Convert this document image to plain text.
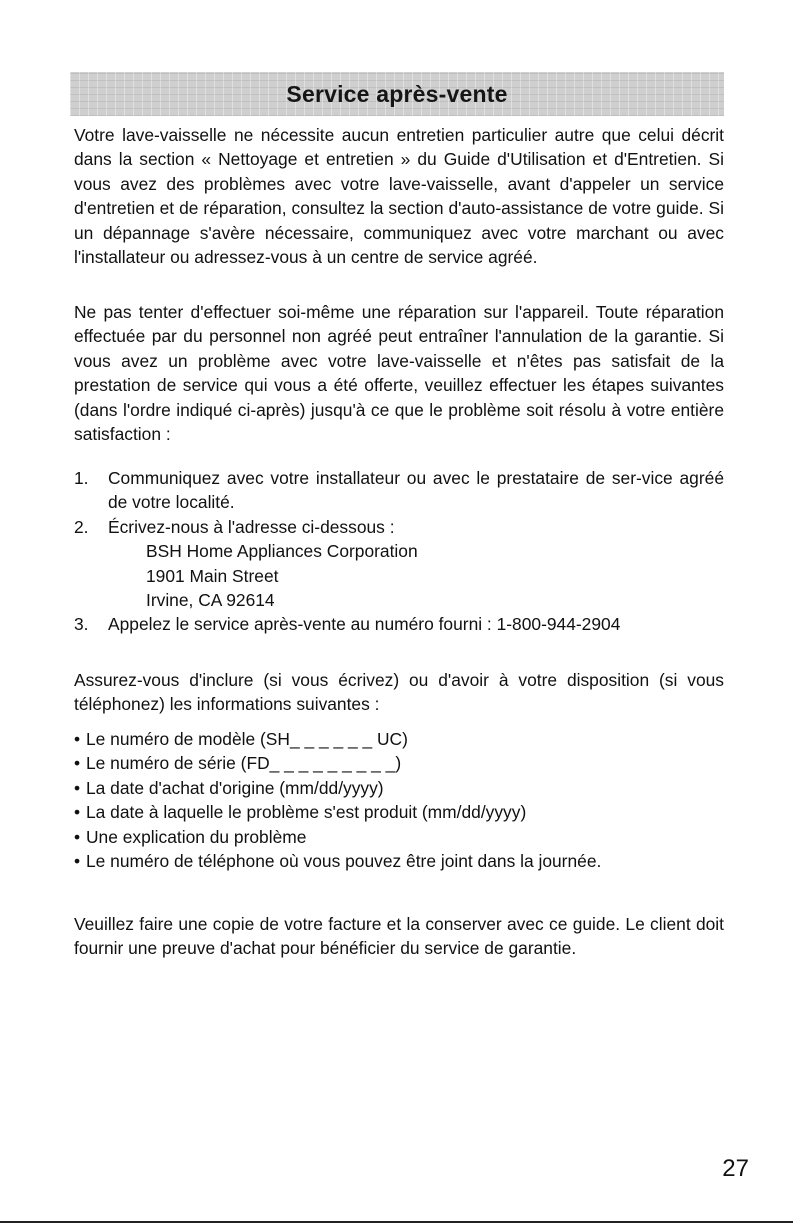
Service après-vente
Votre lave-vaisselle ne nécessite aucun entretien particulier autre que celui décrit dans la section « Nettoyage et entretien » du Guide d'Utilisation et d'Entretien. Si vous avez des problèmes avec votre lave-vaisselle, avant d'appeler un service d'entretien et de réparation, consultez la section d'auto-assistance de votre guide. Si un dépannage s'avère nécessaire, communiquez avec votre marchant ou avec l'installateur ou adressez-vous à un centre de service agréé.
Ne pas tenter d'effectuer soi-même une réparation sur l'appareil. Toute réparation effectuée par du personnel non agréé peut entraîner l'annulation de la garantie. Si vous avez un problème avec votre lave-vaisselle et n'êtes pas satisfait de la prestation de service qui vous a été offerte, veuillez effectuer les étapes suivantes (dans l'ordre indiqué ci-après) jusqu'à ce que le problème soit résolu à votre entière satisfaction :
1. Communiquez avec votre installateur ou avec le prestataire de ser-vice agréé de votre localité.
2. Écrivez-nous à l'adresse ci-dessous :
BSH Home Appliances Corporation
1901 Main Street
Irvine, CA 92614
3. Appelez le service après-vente au numéro fourni : 1-800-944-2904
Assurez-vous d'inclure (si vous écrivez) ou d'avoir à votre disposition (si vous téléphonez) les informations suivantes :
• Le numéro de modèle (SH_ _ _ _ _ _ UC)
• Le numéro de série (FD_ _ _ _ _ _ _ _ _)
• La date d'achat d'origine (mm/dd/yyyy)
• La date à laquelle le problème s'est produit (mm/dd/yyyy)
• Une explication du problème
• Le numéro de téléphone où vous pouvez être joint dans la journée.
Veuillez faire une copie de votre facture et la conserver avec ce guide. Le client doit fournir une preuve d'achat pour bénéficier du service de garantie.
27
